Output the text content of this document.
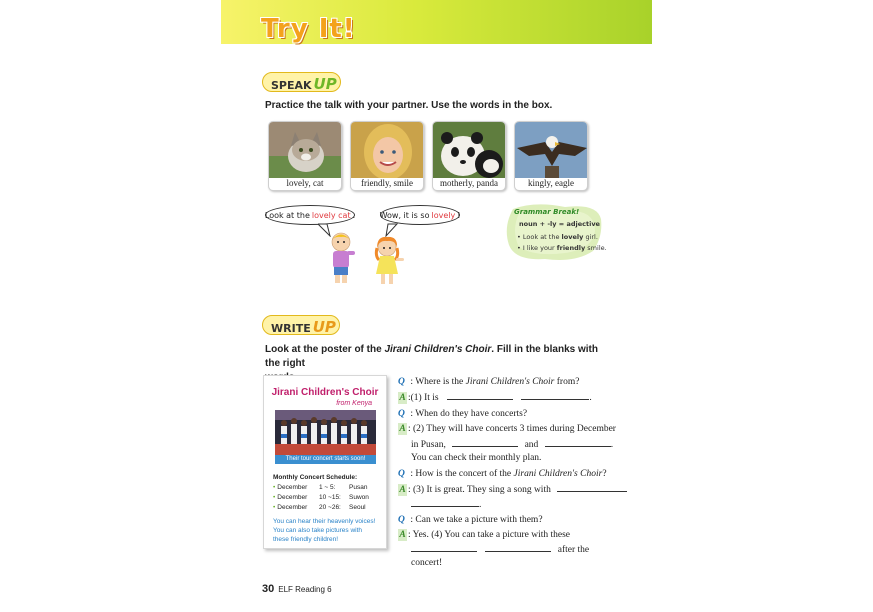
Try It!
SPEAK UP
Practice the talk with your partner. Use the words in the box.
lovely, cat	friendly, smile	motherly, panda	kingly, eagle
Look at the lovely cat .	Wow, it is so lovely !	Grammar Break!
noun + -ly = adjective
• Look at the lovely girl.
• I like your friendly smile.
WRITE UP
Look at the poster of the Jirani Children's Choir. Fill in the blanks with the right

Jirani Children's Choir
from Kenya
Their tour concert starts soon!
Monthly Concert Schedule:
• December 1 ~ 5: Pusan
• December 10 ~15: Suwon
• December 20 ~26: Seoul
You can hear their heavenly voices!
You can also take pictures with
these friendly children!
Q : Where is the Jirani Children's Choir from?
A :(1) It is	.
Q : When do they have concerts?
A : (2) They will have concerts 3 times during December
in Pusan,	and	.
You can check their monthly plan.
Q : How is the concert of the Jirani Children's Choir?
A : (3) It is great. They sing a song with
.
Q : Can we take a picture with them?
A : Yes. (4) You can take a picture with these
after the
concert!
30 ELF Reading 6
